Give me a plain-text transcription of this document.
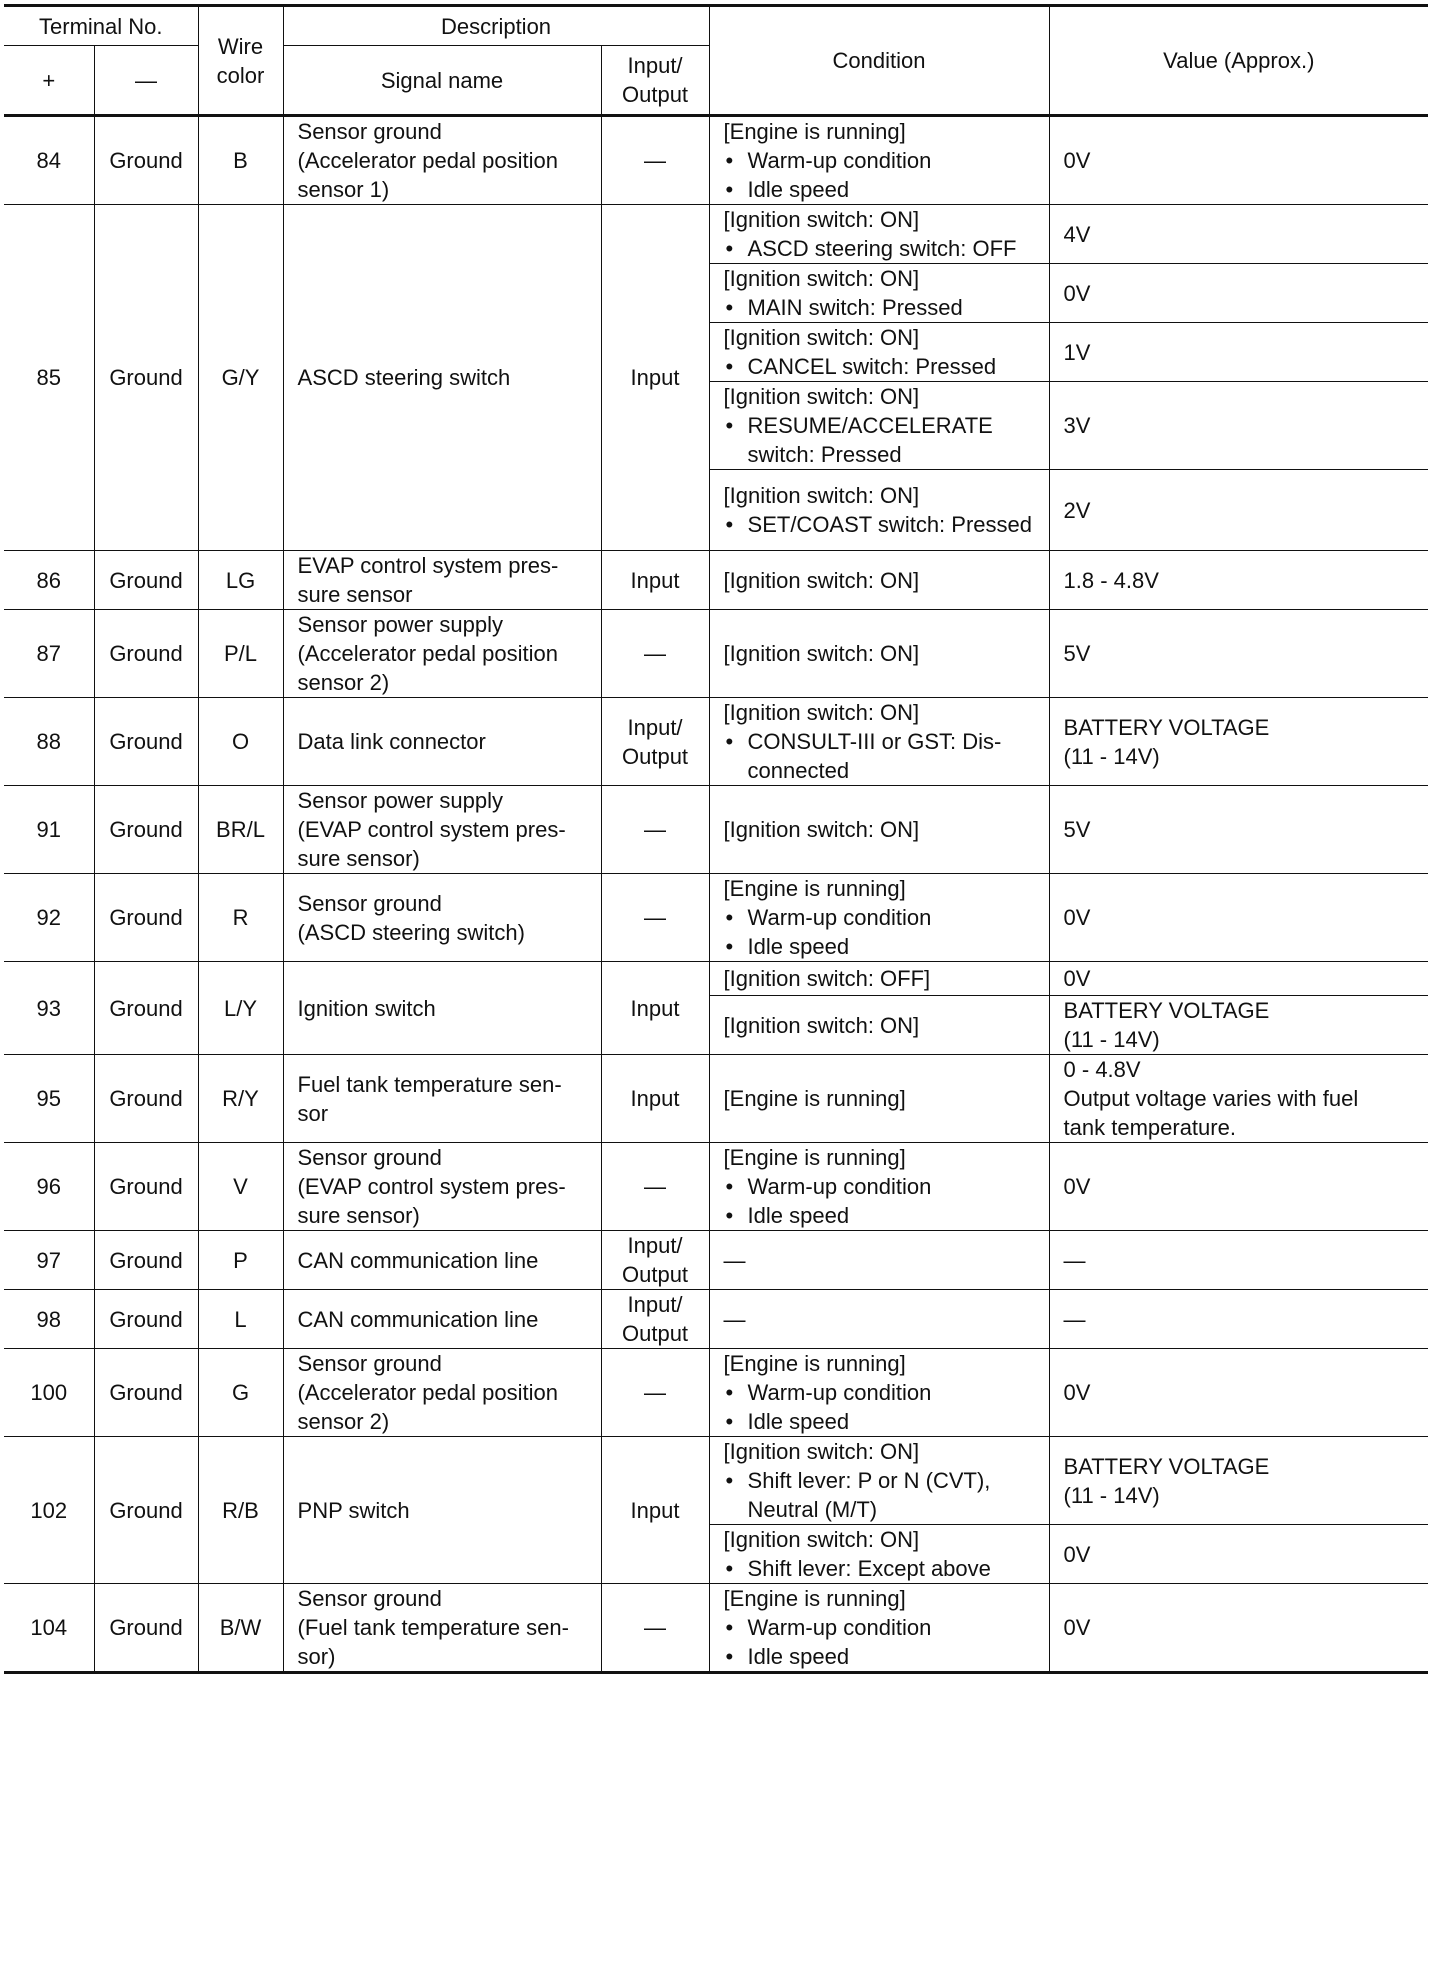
Terminal No.		Wire color	Description		Condition	Value (Approx.)
+	—		Signal name	Input/ Output		
84	Ground	B	Sensor ground
(Accelerator pedal position
sensor 1)	—	[Engine is running]
• Warm-up condition
• Idle speed	0V

85	Ground	G/Y	ASCD steering switch	Input	[Ignition switch: ON]
• ASCD steering switch: OFF	4V

					[Ignition switch: ON]
• MAIN switch: Pressed	0V

					[Ignition switch: ON]
• CANCEL switch: Pressed	1V

					[Ignition switch: ON]
• RESUME/ACCELERATE switch: Pressed	3V

					[Ignition switch: ON]
• SET/COAST switch: Pressed	2V

86	Ground	LG	EVAP control system pres-
sure sensor	Input	[Ignition switch: ON]	1.8 - 4.8V

87	Ground	P/L	Sensor power supply
(Accelerator pedal position
sensor 2)	—	[Ignition switch: ON]	5V

88	Ground	O	Data link connector	Input/ Output	[Ignition switch: ON]
• CONSULT-III or GST: Dis-connected	BATTERY VOLTAGE
(11 - 14V)

91	Ground	BR/L	Sensor power supply
(EVAP control system pres-
sure sensor)	—	[Ignition switch: ON]	5V

92	Ground	R	Sensor ground
(ASCD steering switch)	—	[Engine is running]
• Warm-up condition
• Idle speed	0V

93	Ground	L/Y	Ignition switch	Input	[Ignition switch: OFF]	0V

					[Ignition switch: ON]	BATTERY VOLTAGE
(11 - 14V)

95	Ground	R/Y	Fuel tank temperature sen-
sor	Input	[Engine is running]	0 - 4.8V
Output voltage varies with fuel
tank temperature.

96	Ground	V	Sensor ground
(EVAP control system pres-
sure sensor)	—	[Engine is running]
• Warm-up condition
• Idle speed	0V

97	Ground	P	CAN communication line	Input/ Output	—	—

98	Ground	L	CAN communication line	Input/ Output	—	—

100	Ground	G	Sensor ground
(Accelerator pedal position
sensor 2)	—	[Engine is running]
• Warm-up condition
• Idle speed	0V

102	Ground	R/B	PNP switch	Input	[Ignition switch: ON]
• Shift lever: P or N (CVT), Neutral (M/T)	BATTERY VOLTAGE
(11 - 14V)

					[Ignition switch: ON]
• Shift lever: Except above	0V

104	Ground	B/W	Sensor ground
(Fuel tank temperature sen-
sor)	—	[Engine is running]
• Warm-up condition
• Idle speed	0V
